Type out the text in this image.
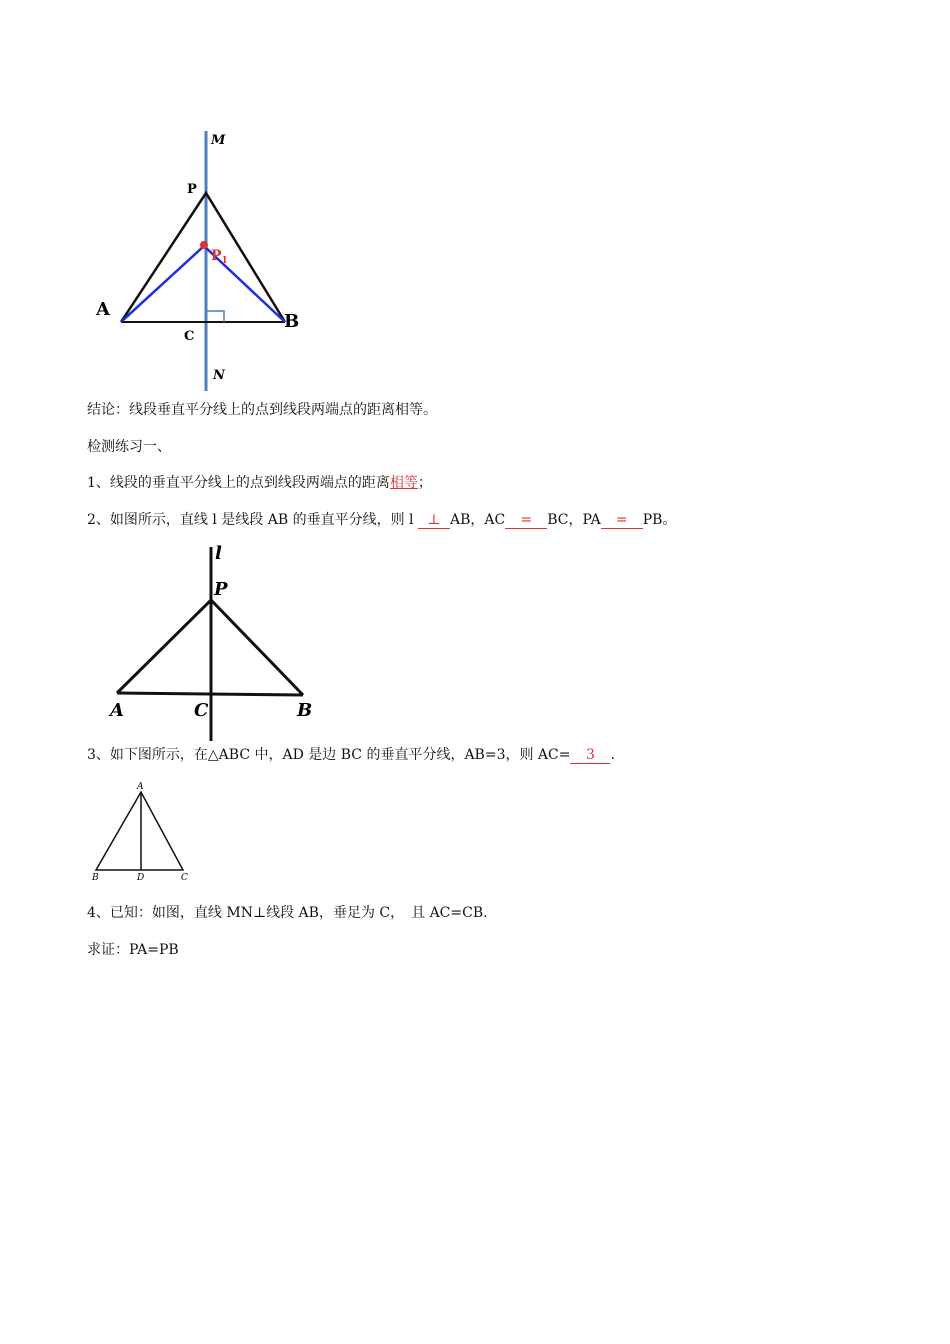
M
P
$P_1$
A
B
C
N
结论：线段垂直平分线上的点到线段两端点的距离相等。
检测练习一、
1、线段的垂直平分线上的点到线段两端点的距离相等；
2、如图所示，直线 l 是线段 AB 的垂直平分线，则 l ⊥ AB，AC = BC，PA = PB。
l
P
A	C	B
3、如下图所示，在△ABC 中，AD 是边 BC 的垂直平分线，AB=3，则 AC= 3 .
A
B	D	C
4、已知：如图，直线 MN⊥线段 AB，垂足为 C，　且 AC=CB.
求证：PA=PB
